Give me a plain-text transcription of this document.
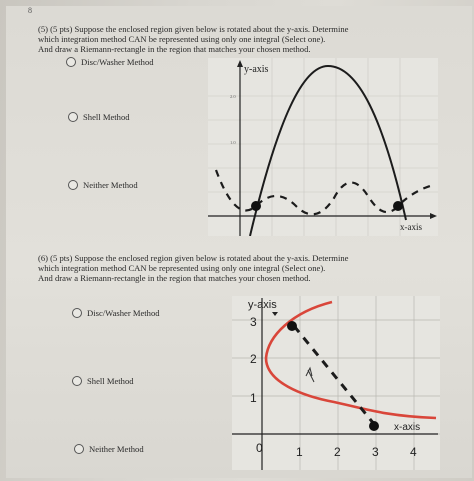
8
(5) (5 pts) Suppose the enclosed region given below is rotated about the y-axis. Determine
which integration method CAN be represented using only one integral (Select one).
And draw a Riemann-rectangle in the region that matches your chosen method.
Disc/Washer Method
Shell Method
Neither Method
y-axis
x-axis
2.0
1.0
(6) (5 pts) Suppose the enclosed region given below is rotated about the y-axis. Determine
which integration method CAN be represented using only one integral (Select one).
And draw a Riemann-rectangle in the region that matches your chosen method.
Disc/Washer Method
Shell Method
Neither Method
y-axis
x-axis
3
2
1
0	1	2	3	4
